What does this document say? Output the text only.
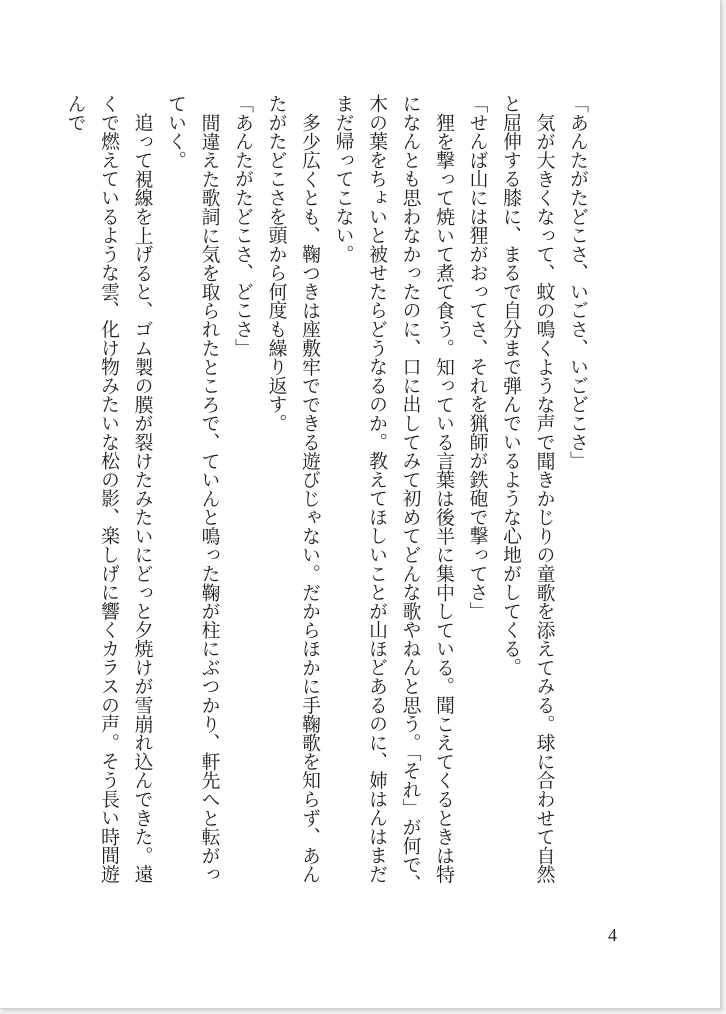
「あんたがたどこさ、いごさ、いごどこさ」

気が大きくなって、蚊の鳴くような声で聞きかじりの童歌を添えてみる。球に合わせて自然と屈伸する膝に、まるで自分まで弾んでいるような心地がしてくる。

「せんば山には狸がおってさ、それを猟師が鉄砲で撃ってさ」

狸を撃って焼いて煮て食う。知っている言葉は後半に集中している。聞こえてくるときは特になんとも思わなかったのに、口に出してみて初めてどんな歌やねんと思う。「それ」が何で、木の葉をちょいと被せたらどうなるのか。教えてほしいことが山ほどあるのに、姉はんはまだまだ帰ってこない。

多少広くとも、鞠つきは座敷牢でできる遊びじゃない。だからほかに手鞠歌を知らず、あんたがたどこさを頭から何度も繰り返す。

「あんたがたどこさ、どこさ」

間違えた歌詞に気を取られたところで、ていんと鳴った鞠が柱にぶつかり、軒先へと転がっていく。

追って視線を上げると、ゴム製の膜が裂けたみたいにどっと夕焼けが雪崩れ込んできた。遠くで燃えているような雲、化け物みたいな松の影、楽しげに響くカラスの声。そう長い時間遊んで

4
